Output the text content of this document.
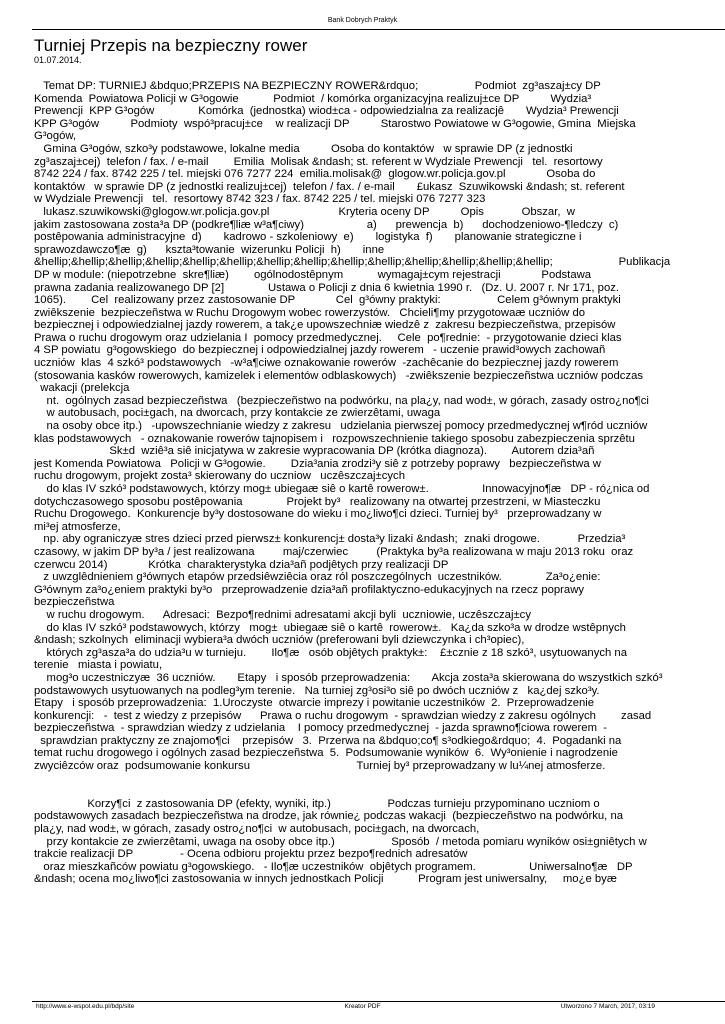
Bank Dobrych Praktyk
Turniej Przepis na bezpieczny rower
01.07.2014.
Temat DP: TURNIEJ &bdquo;PRZEPIS NA BEZPIECZNY ROWER&rdquo;                  Podmiot  zg³aszaj±cy DP
Komenda  Powiatowa Policji w G³ogowie           Podmiot  / komórka organizacyjna realizuj±ce DP          Wydzia³
Prewencji  KPP G³ogów              Komórka  (jednostka) wiod±ca - odpowiedzialna za realizacjê       Wydzia³ Prewencji
KPP G³ogów          Podmioty  wspó³pracuj±ce    w realizacji DP          Starostwo Powiatowe w G³ogowie, Gmina  Miejska
G³ogów,
Gmina G³ogów, szko³y podstawowe, lokalne media          Osoba do kontaktów   w sprawie DP (z jednostki
zg³aszaj±cej)  telefon / fax. / e-mail        Emilia  Molisak &ndash; st. referent w Wydziale Prewencji   tel.  resortowy
8742 224 / fax. 8742 225 / tel. miejski 076 7277 224  emilia.molisak@  glogow.wr.policja.gov.pl             Osoba do
kontaktów   w sprawie DP (z jednostki realizuj±cej)  telefon / fax. / e-mail       £ukasz  Szuwikowski &ndash; st. referent
w Wydziale Prewencji   tel.  resortowy 8742 323 / fax. 8742 225 / tel. miejski 076 7277 323
lukasz.szuwikowski@glogow.wr.policja.gov.pl                      Kryteria oceny DP          Opis            Obszar,  w
jakim zastosowana zosta³a DP (podkre¶liæ w³a¶ciwy)                    a)      prewencja  b)      dochodzeniowo-¶ledczy  c)
postêpowania administracyjne  d)       kadrowo - szkoleniowy  e)       logistyka  f)       planowanie strategiczne i
sprawozdawczo¶æ  g)      kszta³towanie  wizerunku Policji  h)       inne
&hellip;&hellip;&hellip;&hellip;&hellip;&hellip;&hellip;&hellip;&hellip;&hellip;&hellip;&hellip;&hellip;&hellip;                     Publikacja
DP w module: (niepotrzebne  skre¶liæ)        ogólnodostêpnym           wymagaj±cym rejestracji             Podstawa
prawna zadania realizowanego DP [2]              Ustawa o Policji z dnia 6 kwietnia 1990 r.   (Dz. U. 2007 r. Nr 171, poz.
1065).        Cel  realizowany przez zastosowanie DP             Cel  g³ówny praktyki:                  Celem g³ównym praktyki
zwiêkszenie  bezpieczeñstwa w Ruchu Drogowym wobec rowerzystów.   Chcieli¶my przygotowaæ uczniów do
bezpiecznej i odpowiedzialnej jazdy rowerem, a tak¿e upowszechniæ wiedzê z  zakresu bezpieczeñstwa, przepisów
Prawa o ruchu drogowym oraz udzielania I  pomocy przedmedycznej.     Cele  po¶rednie:  - przygotowanie dzieci klas
4 SP powiatu  g³ogowskiego  do bezpiecznej i odpowiedzialnej jazdy rowerem   - uczenie prawid³owych zachowañ
uczniów  klas  4 szkó³ podstawowych   -w³a¶ciwe oznakowanie rowerów  -zachêcanie do bezpiecznej jazdy rowerem
(stosowania kasków rowerowych, kamizelek i elementów odblaskowych)   -zwiêkszenie bezpieczeñstwa uczniów podczas
wakacji (prelekcja
nt.  ogólnych zasad bezpieczeñstwa   (bezpieczeñstwo na podwórku, na pla¿y, nad wod±, w górach, zasady ostro¿no¶ci
w autobusach, poci±gach, na dworcach, przy kontakcie ze zwierzêtami, uwaga
na osoby obce itp.)   -upowszechnianie wiedzy z zakresu   udzielania pierwszej pomocy przedmedycznej w¶ród uczniów
klas podstawowych   - oznakowanie rowerów tajnopisem i   rozpowszechnienie takiego sposobu zabezpieczenia sprzêtu
Sk±d  wziê³a siê inicjatywa w zakresie wypracowania DP (krótka diagnoza).        Autorem dzia³añ
jest Komenda Powiatowa   Policji w G³ogowie.        Dzia³ania zrodzi³y siê z potrzeby poprawy   bezpieczeñstwa w
ruchu drogowym, projekt zosta³ skierowany do uczniow   uczêszczaj±cych
do klas IV szkó³ podstawowych, którzy mog± ubiegaæ siê o kartê rowerow±.                 Innowacyjno¶æ   DP - ró¿nica od
dotychczasowego sposobu postêpowania              Projekt by³   realizowany na otwartej przestrzeni, w Miasteczku
Ruchu Drogowego.  Konkurencje by³y dostosowane do wieku i mo¿liwo¶ci dzieci. Turniej by³   przeprowadzany w
mi³ej atmosferze,
np. aby ograniczyæ stres dzieci przed pierwsz± konkurencj± dosta³y lizaki &ndash;  znaki drogowe.            Przedzia³
czasowy, w jakim DP by³a / jest realizowana         maj/czerwiec         (Praktyka by³a realizowana w maju 2013 roku  oraz
czerwcu 2014)             Krótka  charakterystyka dzia³añ podjêtych przy realizacji DP
z uwzglêdnieniem g³ównych etapów przedsiêwziêcia oraz ról poszczególnych  uczestników.              Za³o¿enie:
G³ównym za³o¿eniem praktyki by³o   przeprowadzenie dzia³añ profilaktyczno-edukacyjnych na rzecz poprawy
bezpieczeñstwa
w ruchu drogowym.      Adresaci:  Bezpo¶rednimi adresatami akcji byli  uczniowie, uczêszczaj±cy
do klas IV szkó³ podstawowych, którzy   mog±  ubiegaæ siê o kartê  rowerow±.   Ka¿da szko³a w drodze wstêpnych
&ndash; szkolnych  eliminacji wybiera³a dwóch uczniów (preferowani byli dziewczynka i ch³opiec),
których zg³asza³a do udzia³u w turnieju.        Ilo¶æ   osób objêtych praktyk±:    £±cznie z 18 szkó³, usytuowanych na
terenie   miasta i powiatu,
mog³o uczestniczyæ  36 uczniów.       Etapy   i sposób przeprowadzenia:       Akcja zosta³a skierowana do wszystkich szkó³
podstawowych usytuowanych na podleg³ym terenie.   Na turniej zg³osi³o siê po dwóch uczniów z   ka¿dej szko³y.
Etapy   i sposób przeprowadzenia:  1.Uroczyste  otwarcie imprezy i powitanie uczestników  2.  Przeprowadzenie
konkurencji:   -  test z wiedzy z przepisów      Prawa o ruchu drogowym  - sprawdzian wiedzy z zakresu ogólnych        zasad
bezpieczeñstwa  - sprawdzian wiedzy z udzielania    I pomocy przedmedycznej  - jazda sprawno¶ciowa rowerem  -
sprawdzian praktyczny ze znajomo¶ci    przepisów   3.  Przerwa na &bdquo;co¶ s³odkiego&rdquo;  4.  Pogadanki na
temat ruchu drogowego i ogólnych zasad bezpieczeñstwa  5.  Podsumowanie wyników  6.  Wy³onienie i nagrodzenie
zwyciêzców oraz  podsumowanie konkursu                                  Turniej by³ przeprowadzany w lu¼nej atmosferze.
Korzy¶ci  z zastosowania DP (efekty, wyniki, itp.)                  Podczas turnieju przypominano uczniom o
podstawowych zasadach bezpieczeñstwa na drodze, jak równie¿ podczas wakacji  (bezpieczeñstwo na podwórku, na
pla¿y, nad wod±, w górach, zasady ostro¿no¶ci  w autobusach, poci±gach, na dworcach,
przy kontakcie ze zwierzêtami, uwaga na osoby obce itp.)                  Sposób  / metoda pomiaru wyników osi±gniêtych w
trakcie realizacji DP               - Ocena odbioru projektu przez bezpo¶rednich adresatów
oraz mieszkañców powiatu g³ogowskiego.   - Ilo¶æ uczestników  objêtych programem.                 Uniwersalno¶æ   DP
&ndash; ocena mo¿liwo¶ci zastosowania w innych jednostkach Policji           Program jest uniwersalny,     mo¿e byæ
http://www.e-wspol.edu.pl/bdp/site	Kreator PDF	Utworzono 7 March, 2017, 03:19
